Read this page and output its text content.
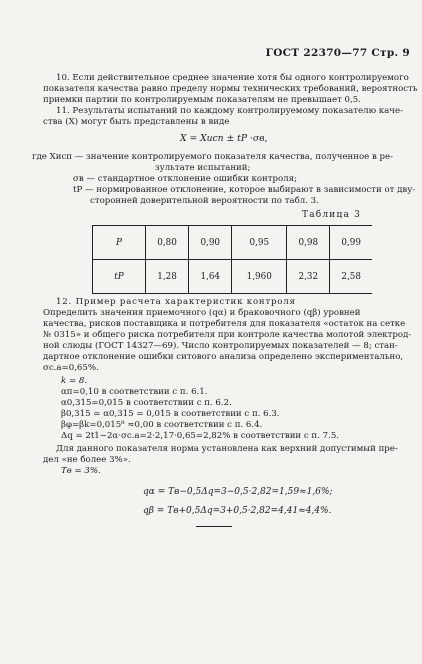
ГОСТ 22370—77 Стр. 9
10. Если действительное среднее значение хотя бы одного контролируемого
показателя качества равно пределу нормы технических требований, вероятность
приемки партии по контролируемым показателям не превышает 0,5.
11. Результаты испытаний по каждому контролируемому показателю каче-
ства (X) могут быть представлены в виде
X = Xисп ± tP ·σв,
где Xисп — значение контролируемого показателя качества, полученное в ре-
зультате испытаний;
σв — стандартное отклонение ошибки контроля;
tP — нормированное отклонение, которое выбирают в зависимости от дву-
сторонней доверительной вероятности по табл. 3.
Таблица 3
P	0,80	0,90	0,95	0,98	0,99
tP	1,28	1,64	1,960	2,32	2,58
12. Пример расчета характеристик контроля
Определить значения приемочного (qα) и браковочного (qβ) уровней
качества, рисков поставщика и потребителя для показателя «остаток на сетке
№ 0315» и общего риска потребителя при контроле качества молотой электрод-
ной слюды (ГОСТ 14327—69). Число контролируемых показателей — 8; стан-
дартное отклонение ошибки ситового анализа определено экспериментально,
σс.а=0,65%.
k = 8.
αп=0,10 в соответствии с п. 6.1.
α0,315=0,015 в соответствии с п. 6.2.
β0,315 = α0,315 = 0,015 в соответствии с п. 6.3.
βφ=βk=0,015⁸ ≈0,00 в соответствии с п. 6.4.
Δq = 2t1−2α·σс.а=2·2,17·0,65=2,82% в соответствии с п. 7.5.
Для данного показателя норма установлена как верхний допустимый пре-
дел «не более 3%».
Tв = 3%.
qα = Tв−0,5Δq=3−0,5·2,82=1,59≈1,6%;
qβ = Tв+0,5Δq=3+0,5·2,82=4,41≈4,4%.
